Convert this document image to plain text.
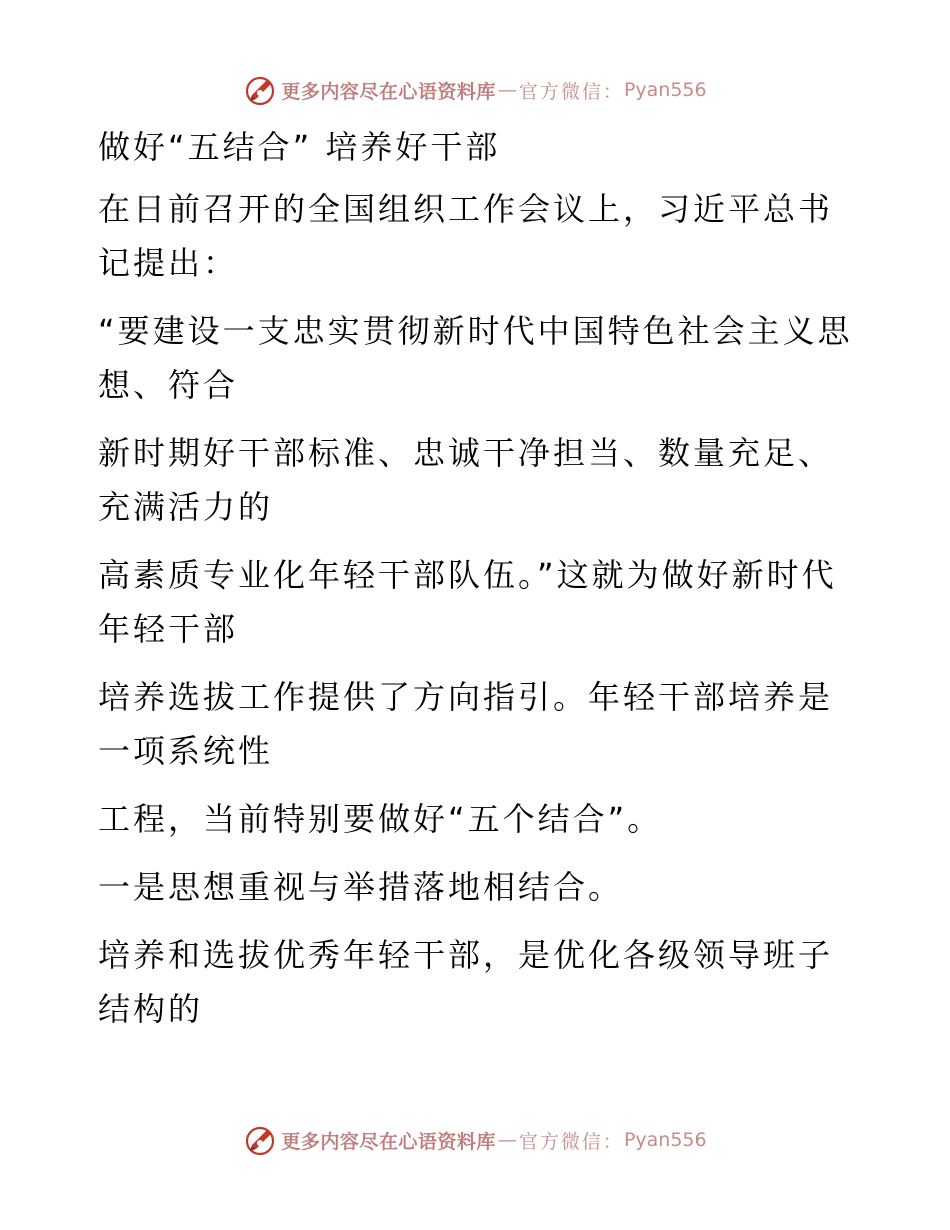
更多内容尽在心语资料库 — 官方微信： Pyan556

做好“五结合” 培养好干部

在日前召开的全国组织工作会议上，习近平总书记提出：

“要建设一支忠实贯彻新时代中国特色社会主义思想、符合

新时期好干部标准、忠诚干净担当、数量充足、充满活力的

高素质专业化年轻干部队伍。”这就为做好新时代年轻干部

培养选拔工作提供了方向指引。年轻干部培养是一项系统性

工程，当前特别要做好“五个结合”。

一是思想重视与举措落地相结合。

培养和选拔优秀年轻干部，是优化各级领导班子结构的

更多内容尽在心语资料库 — 官方微信： Pyan556
